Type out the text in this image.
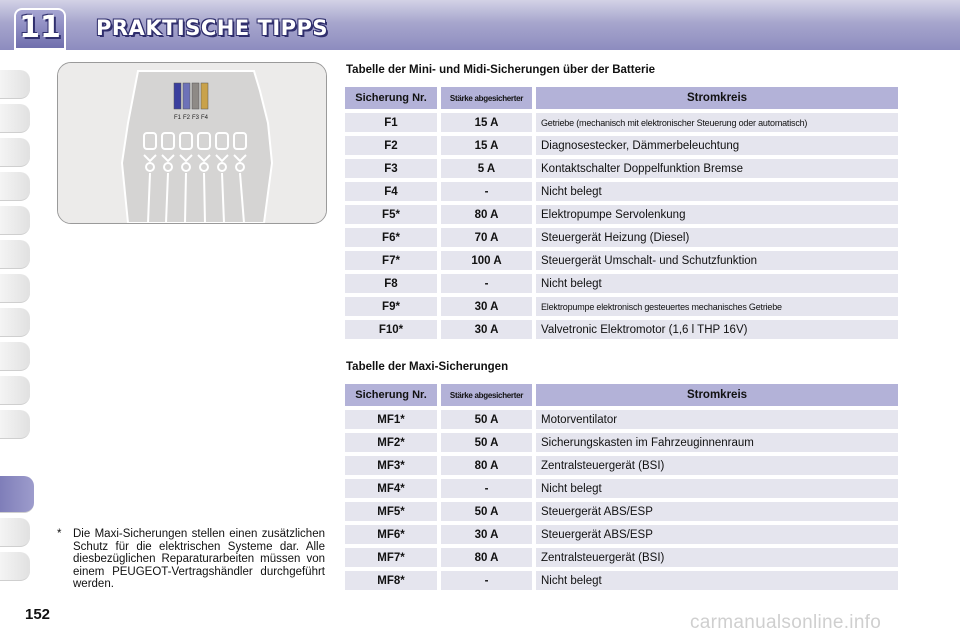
11 PRAKTISCHE TIPPS
F1 F2 F3 F4
Tabelle der Mini- und Midi-Sicherungen über der Batterie
Sicherung Nr.	Stärke abgesicherter	Stromkreis
F1	15 A	Getriebe (mechanisch mit elektronischer Steuerung oder automatisch)
F2	15 A	Diagnosestecker, Dämmerbeleuchtung
F3	5 A	Kontaktschalter Doppelfunktion Bremse
F4	-	Nicht belegt
F5*	80 A	Elektropumpe Servolenkung
F6*	70 A	Steuergerät Heizung (Diesel)
F7*	100 A	Steuergerät Umschalt- und Schutzfunktion
F8	-	Nicht belegt
F9*	30 A	Elektropumpe elektronisch gesteuertes mechanisches Getriebe
F10*	30 A	Valvetronic Elektromotor (1,6 l THP 16V)
Tabelle der Maxi-Sicherungen
Sicherung Nr.	Stärke abgesicherter	Stromkreis
MF1*	50 A	Motorventilator
MF2*	50 A	Sicherungskasten im Fahrzeuginnenraum
MF3*	80 A	Zentralsteuergerät (BSI)
MF4*	-	Nicht belegt
MF5*	50 A	Steuergerät ABS/ESP
MF6*	30 A	Steuergerät ABS/ESP
MF7*	80 A	Zentralsteuergerät (BSI)
MF8*	-	Nicht belegt
* Die Maxi-Sicherungen stellen einen zusätzlichen Schutz für die elektrischen Systeme dar. Alle diesbezüglichen Reparaturarbeiten müssen von einem PEUGEOT-Vertragshändler durchgeführt werden.
152	carmanualsonline.info
